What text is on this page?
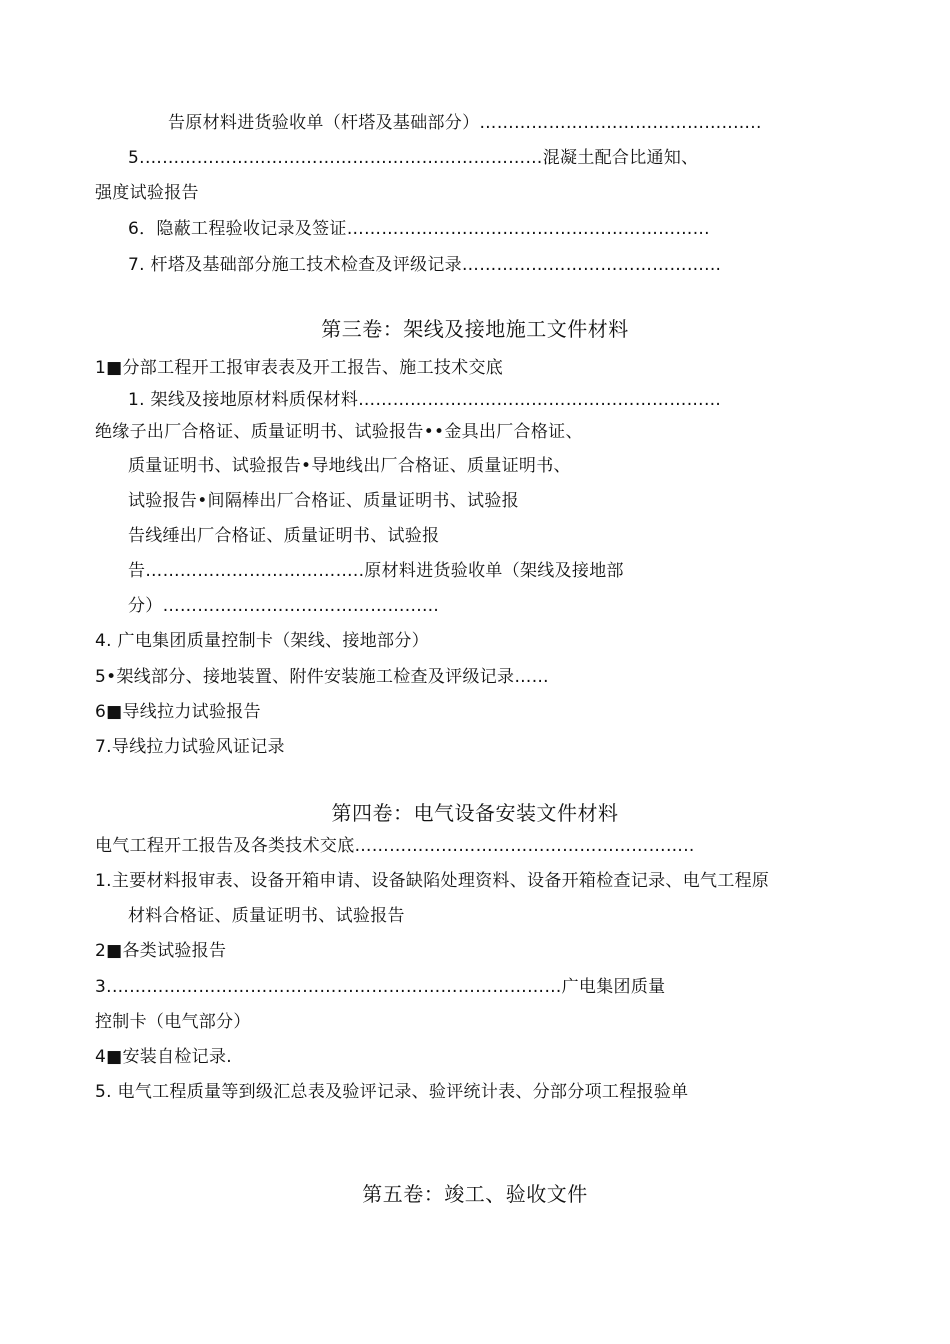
告原材料进货验收单（杆塔及基础部分）……………………………………..…..
5.……………………………………………………………混凝土配合比通知、
强度试验报告
6．隐蔽工程验收记录及签证……………………………………………………...
7. 杆塔及基础部分施工技术检查及评级记录……………………………………...
第三卷：架线及接地施工文件材料
1■分部工程开工报审表表及开工报告、施工技术交底
1. 架线及接地原材料质保材料……………………………………...………………
绝缘子出厂合格证、质量证明书、试验报告••金具出厂合格证、
质量证明书、试验报告•导地线出厂合格证、质量证明书、
试验报告•间隔棒出厂合格证、质量证明书、试验报
告线缍出厂合格证、质量证明书、试验报
告………………………………..原材料进货验收单（架线及接地部
分）……………………………………...…
4. 广电集团质量控制卡（架线、接地部分）
5•架线部分、接地装置、附件安装施工检查及评级记录……
6■导线拉力试验报告
7.导线拉力试验风证记录
第四卷：电气设备安装文件材料
电气工程开工报告及各类技术交底…………………………………………………..
1.主要材料报审表、设备开箱申请、设备缺陷处理资料、设备开箱检查记录、电气工程原
材料合格证、质量证明书、试验报告
2■各类试验报告
3.……………………………………………………………………广电集团质量
控制卡（电气部分）
4■安装自检记录.
5. 电气工程质量等到级汇总表及验评记录、验评统计表、分部分项工程报验单
第五卷：竣工、验收文件
